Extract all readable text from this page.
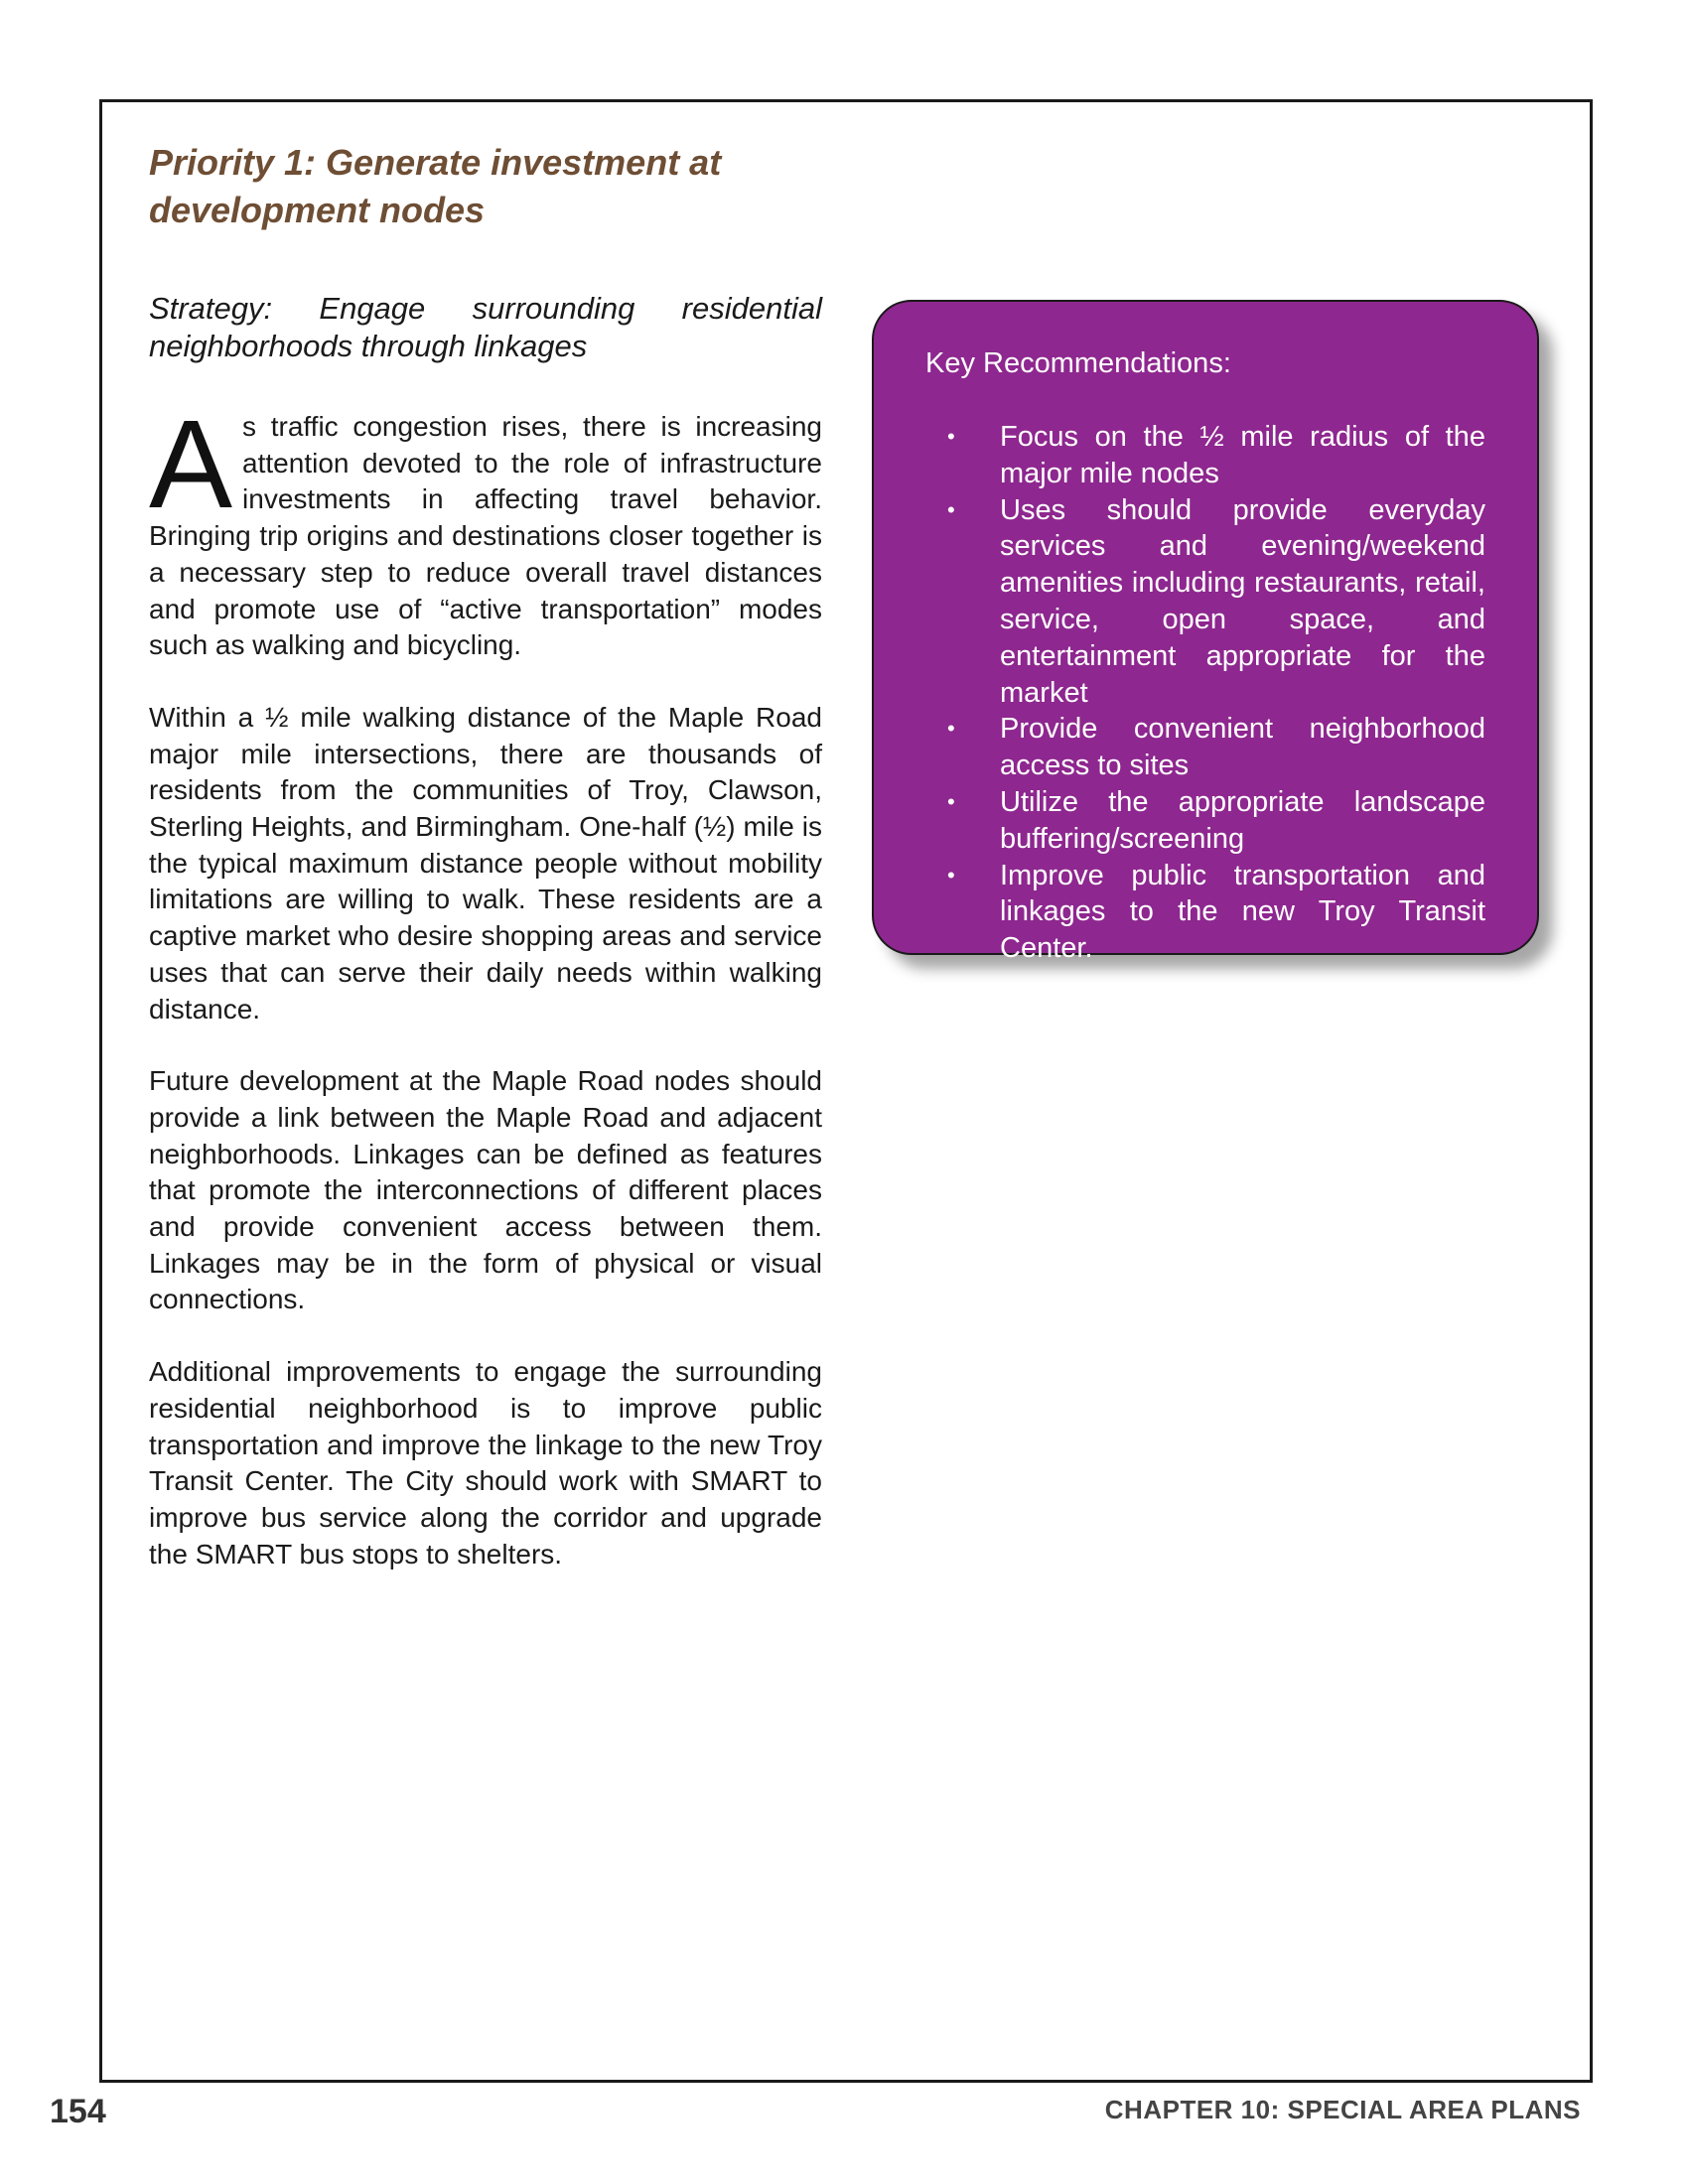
Priority 1: Generate investment at development nodes

Strategy: Engage surrounding residential neighborhoods through linkages

As traffic congestion rises, there is increasing attention devoted to the role of infrastructure investments in affecting travel behavior. Bringing trip origins and destinations closer together is a necessary step to reduce overall travel distances and promote use of “active transportation” modes such as walking and bicycling.

Within a ½ mile walking distance of the Maple Road major mile intersections, there are thousands of residents from the communities of Troy, Clawson, Sterling Heights, and Birmingham. One-half (½) mile is the typical maximum distance people without mobility limitations are willing to walk. These residents are a captive market who desire shopping areas and service uses that can serve their daily needs within walking distance.

Future development at the Maple Road nodes should provide a link between the Maple Road and adjacent neighborhoods. Linkages can be defined as features that promote the interconnections of different places and provide convenient access between them. Linkages may be in the form of physical or visual connections.

Additional improvements to engage the surrounding residential neighborhood is to improve public transportation and improve the linkage to the new Troy Transit Center. The City should work with SMART to improve bus service along the corridor and upgrade the SMART bus stops to shelters.

Key Recommendations:

• Focus on the ½ mile radius of the major mile nodes
• Uses should provide everyday services and evening/weekend amenities including restaurants, retail, service, open space, and entertainment appropriate for the market
• Provide convenient neighborhood access to sites
• Utilize the appropriate landscape buffering/screening
• Improve public transportation and linkages to the new Troy Transit Center.
154	CHAPTER 10: SPECIAL AREA PLANS
